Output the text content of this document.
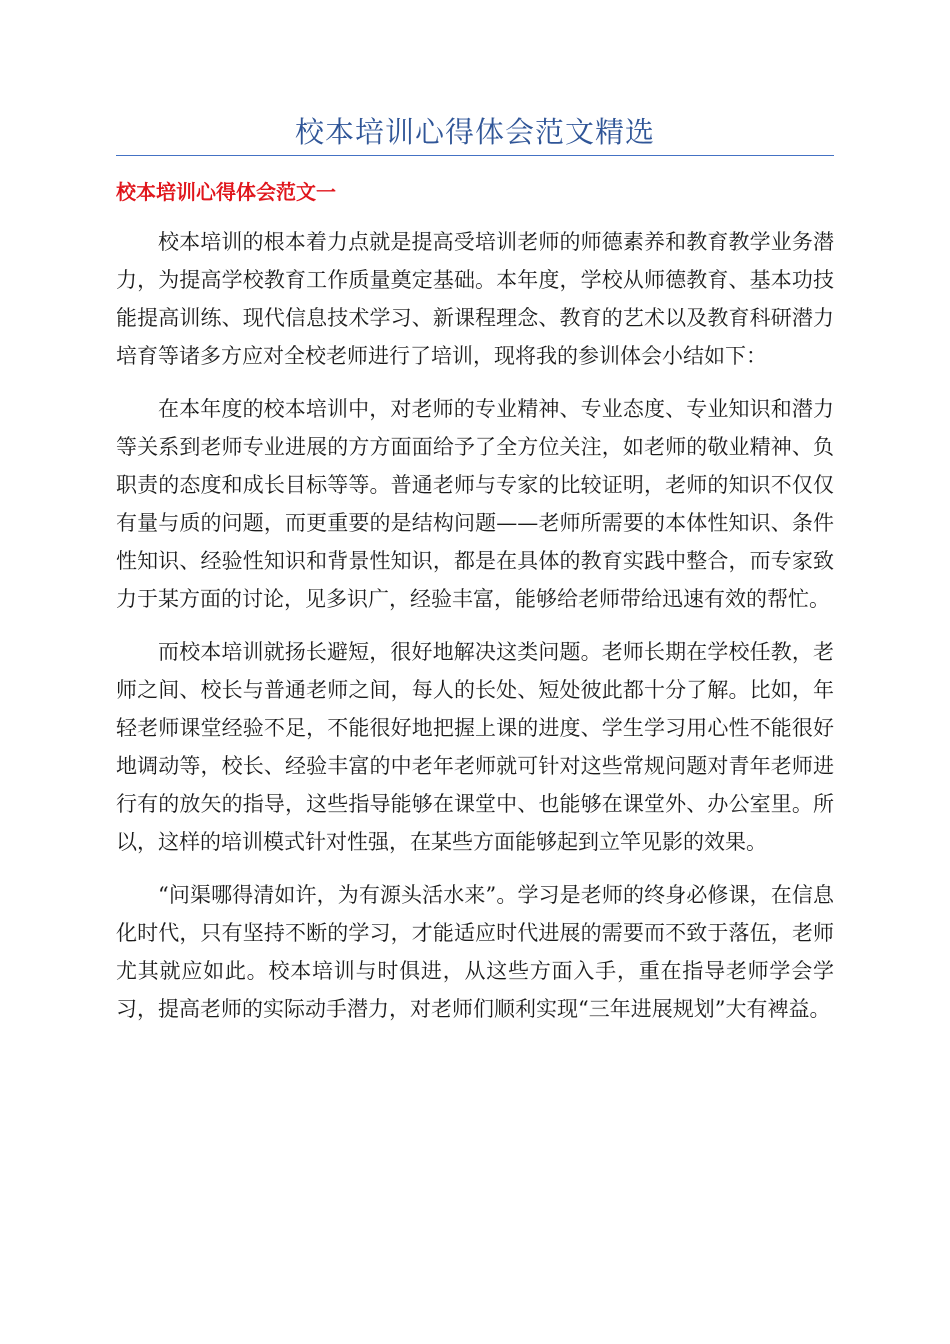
校本培训心得体会范文精选
校本培训心得体会范文一

校本培训的根本着力点就是提高受培训老师的师德素养和教育教学业务潜力，为提高学校教育工作质量奠定基础。本年度，学校从师德教育、基本功技能提高训练、现代信息技术学习、新课程理念、教育的艺术以及教育科研潜力培育等诸多方应对全校老师进行了培训，现将我的参训体会小结如下：

在本年度的校本培训中，对老师的专业精神、专业态度、专业知识和潜力等关系到老师专业进展的方方面面给予了全方位关注，如老师的敬业精神、负职责的态度和成长目标等等。普通老师与专家的比较证明，老师的知识不仅仅有量与质的问题，而更重要的是结构问题——老师所需要的本体性知识、条件性知识、经验性知识和背景性知识，都是在具体的教育实践中整合，而专家致力于某方面的讨论，见多识广，经验丰富，能够给老师带给迅速有效的帮忙。

而校本培训就扬长避短，很好地解决这类问题。老师长期在学校任教，老师之间、校长与普通老师之间，每人的长处、短处彼此都十分了解。比如，年轻老师课堂经验不足，不能很好地把握上课的进度、学生学习用心性不能很好地调动等，校长、经验丰富的中老年老师就可针对这些常规问题对青年老师进行有的放矢的指导，这些指导能够在课堂中、也能够在课堂外、办公室里。所以，这样的培训模式针对性强，在某些方面能够起到立竿见影的效果。

“问渠哪得清如许，为有源头活水来”。学习是老师的终身必修课，在信息化时代，只有坚持不断的学习，才能适应时代进展的需要而不致于落伍，老师尤其就应如此。校本培训与时俱进，从这些方面入手，重在指导老师学会学习，提高老师的实际动手潜力，对老师们顺利实现“三年进展规划”大有裨益。
